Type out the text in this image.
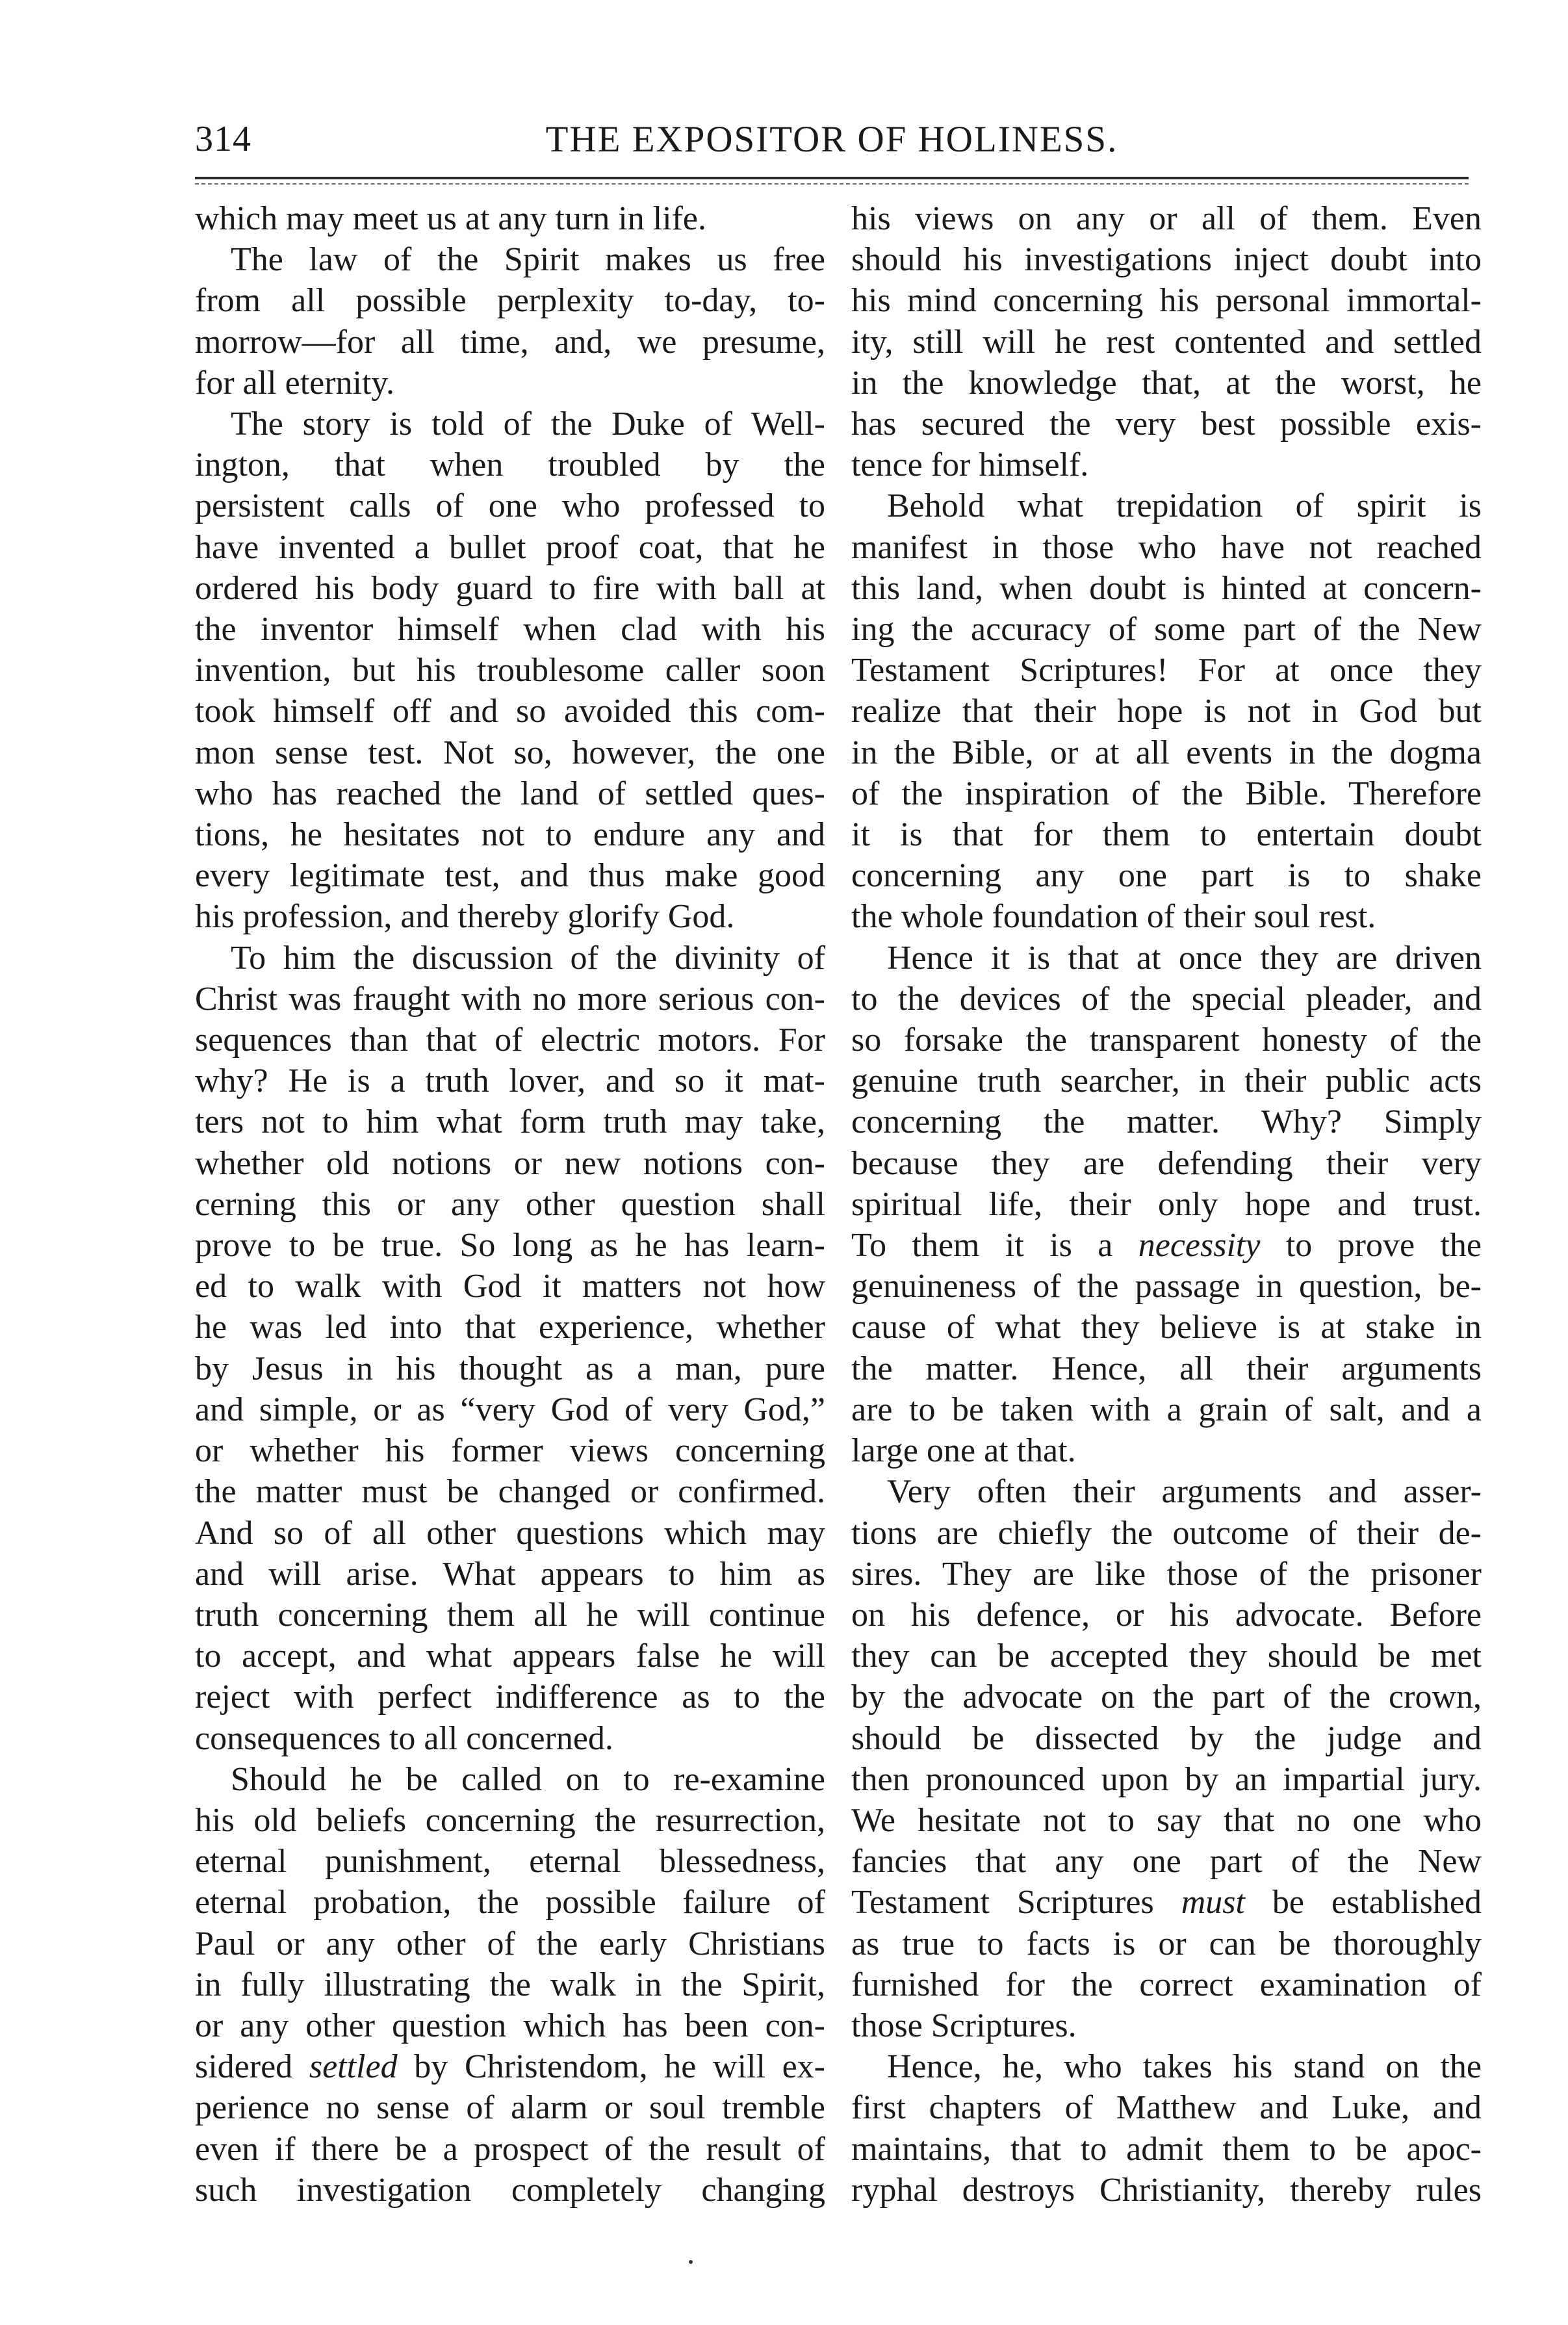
314	THE EXPOSITOR OF HOLINESS.

which may meet us at any turn in life.

The law of the Spirit makes us free
from all possible perplexity to-day, to-
morrow—for all time, and, we presume,
for all eternity.

The story is told of the Duke of Well-
ington, that when troubled by the
persistent calls of one who professed to
have invented a bullet proof coat, that he
ordered his body guard to fire with ball at
the inventor himself when clad with his
invention, but his troublesome caller soon
took himself off and so avoided this com-
mon sense test. Not so, however, the one
who has reached the land of settled ques-
tions, he hesitates not to endure any and
every legitimate test, and thus make good
his profession, and thereby glorify God.

To him the discussion of the divinity of
Christ was fraught with no more serious con-
sequences than that of electric motors. For
why? He is a truth lover, and so it mat-
ters not to him what form truth may take,
whether old notions or new notions con-
cerning this or any other question shall
prove to be true. So long as he has learn-
ed to walk with God it matters not how
he was led into that experience, whether
by Jesus in his thought as a man, pure
and simple, or as “very God of very God,”
or whether his former views concerning
the matter must be changed or confirmed.
And so of all other questions which may
and will arise. What appears to him as
truth concerning them all he will continue
to accept, and what appears false he will
reject with perfect indifference as to the
consequences to all concerned.

Should he be called on to re-examine
his old beliefs concerning the resurrection,
eternal punishment, eternal blessedness,
eternal probation, the possible failure of
Paul or any other of the early Christians
in fully illustrating the walk in the Spirit,
or any other question which has been con-
sidered settled by Christendom, he will ex-
perience no sense of alarm or soul tremble
even if there be a prospect of the result of
such investigation completely changing

his views on any or all of them. Even
should his investigations inject doubt into
his mind concerning his personal immortal-
ity, still will he rest contented and settled
in the knowledge that, at the worst, he
has secured the very best possible exis-
tence for himself.

Behold what trepidation of spirit is
manifest in those who have not reached
this land, when doubt is hinted at concern-
ing the accuracy of some part of the New
Testament Scriptures! For at once they
realize that their hope is not in God but
in the Bible, or at all events in the dogma
of the inspiration of the Bible. Therefore
it is that for them to entertain doubt
concerning any one part is to shake
the whole foundation of their soul rest.

Hence it is that at once they are driven
to the devices of the special pleader, and
so forsake the transparent honesty of the
genuine truth searcher, in their public acts
concerning the matter. Why? Simply
because they are defending their very
spiritual life, their only hope and trust.
To them it is a necessity to prove the
genuineness of the passage in question, be-
cause of what they believe is at stake in
the matter. Hence, all their arguments
are to be taken with a grain of salt, and a
large one at that.

Very often their arguments and asser-
tions are chiefly the outcome of their de-
sires. They are like those of the prisoner
on his defence, or his advocate. Before
they can be accepted they should be met
by the advocate on the part of the crown,
should be dissected by the judge and
then pronounced upon by an impartial jury.
We hesitate not to say that no one who
fancies that any one part of the New
Testament Scriptures must be established
as true to facts is or can be thoroughly
furnished for the correct examination of
those Scriptures.

Hence, he, who takes his stand on the
first chapters of Matthew and Luke, and
maintains, that to admit them to be apoc-
ryphal destroys Christianity, thereby rules
